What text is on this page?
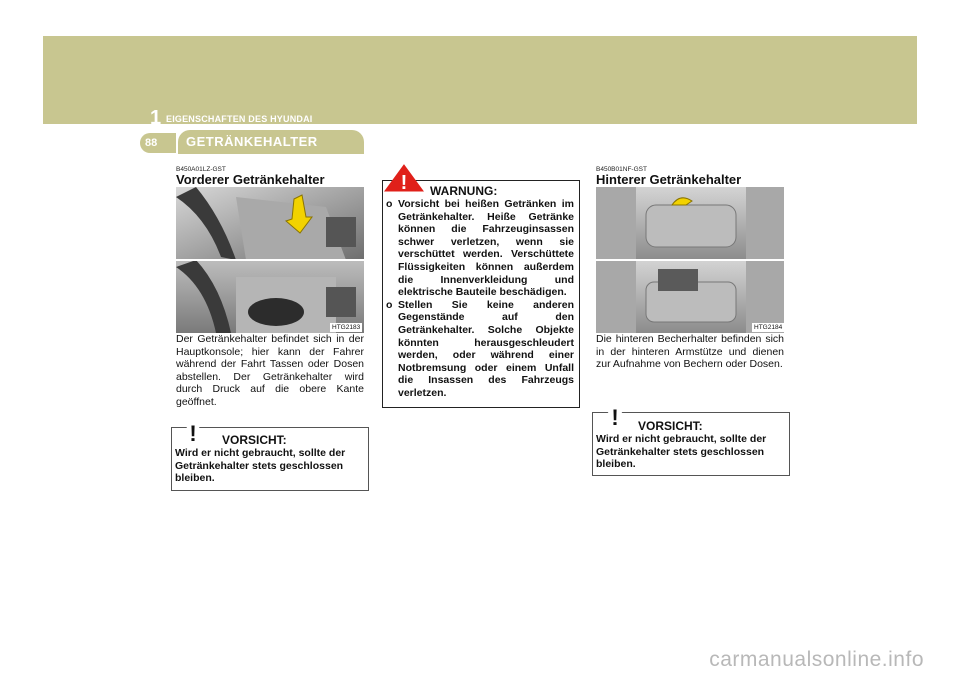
1 EIGENSCHAFTEN DES HYUNDAI
88 GETRÄNKEHALTER
B450A01LZ-GST
Vorderer Getränkehalter
HTG2183

Der Getränkehalter befindet sich in der Hauptkonsole; hier kann der Fahrer während der Fahrt Tassen oder Dosen abstellen. Der Getränkehalter wird durch Druck auf die obere Kante geöffnet.

! VORSICHT:

Wird er nicht gebraucht, sollte der Getränkehalter stets geschlossen bleiben.

! WARNUNG:
o Vorsicht bei heißen Getränken im Getränkehalter. Heiße Getränke können die Fahrzeuginsassen schwer verletzen, wenn sie verschüttet werden. Verschüttete Flüssigkeiten können außerdem die Innenverkleidung und elektrische Bauteile beschädigen.
o Stellen Sie keine anderen Gegenstände auf den Getränkehalter. Solche Objekte könnten herausgeschleudert werden, oder während einer Notbremsung oder einem Unfall die Insassen des Fahrzeugs verletzen.
B450B01NF-GST
Hinterer Getränkehalter
HTG2184

Die hinteren Becherhalter befinden sich in der hinteren Armstütze und dienen zur Aufnahme von Bechern oder Dosen.

! VORSICHT:

Wird er nicht gebraucht, sollte der Getränkehalter stets geschlossen bleiben.

carmanualsonline.info
